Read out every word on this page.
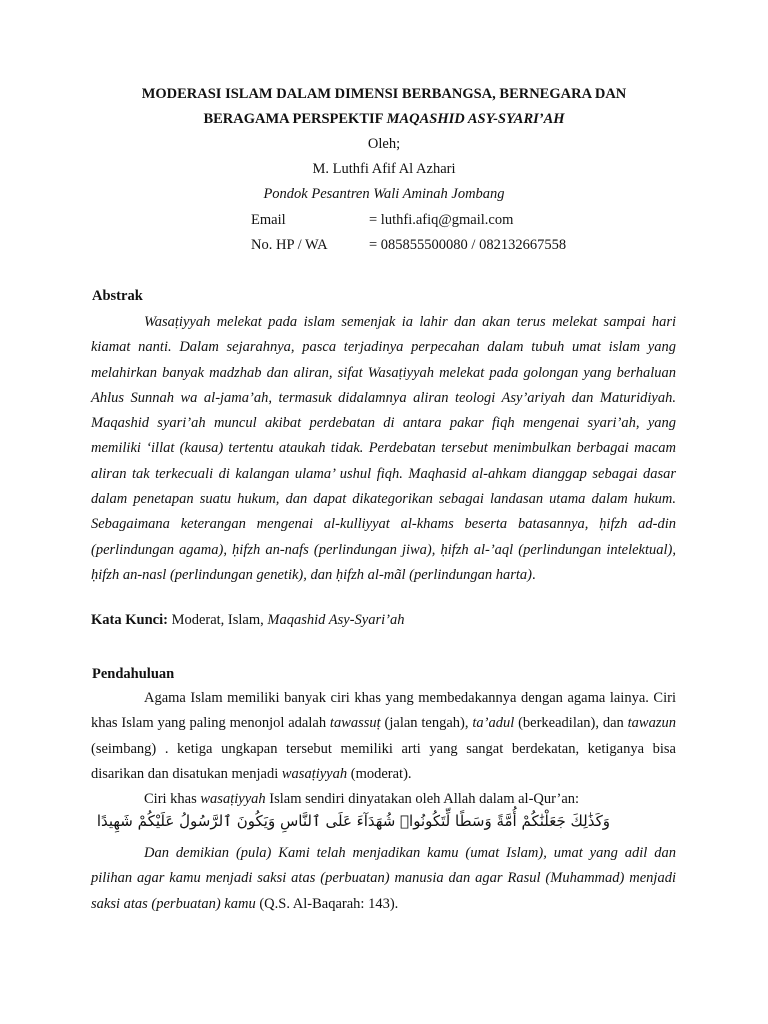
MODERASI ISLAM DALAM DIMENSI BERBANGSA, BERNEGARA DAN
BERAGAMA PERSPEKTIF MAQASHID ASY-SYARI’AH
Oleh;
M. Luthfi Afif Al Azhari
Pondok Pesantren Wali Aminah Jombang
Email	= luthfi.afiq@gmail.com
No. HP / WA	= 085855500080 / 082132667558
Abstrak
Wasaṭiyyah melekat pada islam semenjak ia lahir dan akan terus melekat sampai hari kiamat nanti. Dalam sejarahnya, pasca terjadinya perpecahan dalam tubuh umat islam yang melahirkan banyak madzhab dan aliran, sifat Wasaṭiyyah melekat pada golongan yang berhaluan Ahlus Sunnah wa al-jama’ah, termasuk didalamnya aliran teologi Asy’ariyah dan Maturidiyah. Maqashid syari’ah muncul akibat perdebatan di antara pakar fiqh mengenai syari’ah, yang memiliki ‘illat (kausa) tertentu ataukah tidak. Perdebatan tersebut menimbulkan berbagai macam aliran tak terkecuali di kalangan ulama’ ushul fiqh. Maqhasid al-ahkam dianggap sebagai dasar dalam penetapan suatu hukum, dan dapat dikategorikan sebagai landasan utama dalam hukum. Sebagaimana keterangan mengenai al-kulliyyat al-khams beserta batasannya, ḥifzh ad-din (perlindungan agama), ḥifzh an-nafs (perlindungan jiwa), ḥifzh al-’aql (perlindungan intelektual), ḥifzh an-nasl (perlindungan genetik), dan ḥifzh al-mãl (perlindungan harta).
Kata Kunci: Moderat, Islam, Maqashid Asy-Syari’ah
Pendahuluan
Agama Islam memiliki banyak ciri khas yang membedakannya dengan agama lainya. Ciri khas Islam yang paling menonjol adalah tawassuṭ (jalan tengah), ta’adul (berkeadilan), dan tawazun (seimbang) . ketiga ungkapan tersebut memiliki arti yang sangat berdekatan, ketiganya bisa disarikan dan disatukan menjadi wasaṭiyyah (moderat).
Ciri khas wasaṭiyyah Islam sendiri dinyatakan oleh Allah dalam al-Qur’an:
وَكَذَٰلِكَ جَعَلْنَٰكُمْ أُمَّةً وَسَطًا لِّتَكُونُوا۟ شُهَدَآءَ عَلَى ٱلنَّاسِ وَيَكُونَ ٱلرَّسُولُ عَلَيْكُمْ شَهِيدًا
Dan demikian (pula) Kami telah menjadikan kamu (umat Islam), umat yang adil dan pilihan agar kamu menjadi saksi atas (perbuatan) manusia dan agar Rasul (Muhammad) menjadi saksi atas (perbuatan) kamu (Q.S. Al-Baqarah: 143).
